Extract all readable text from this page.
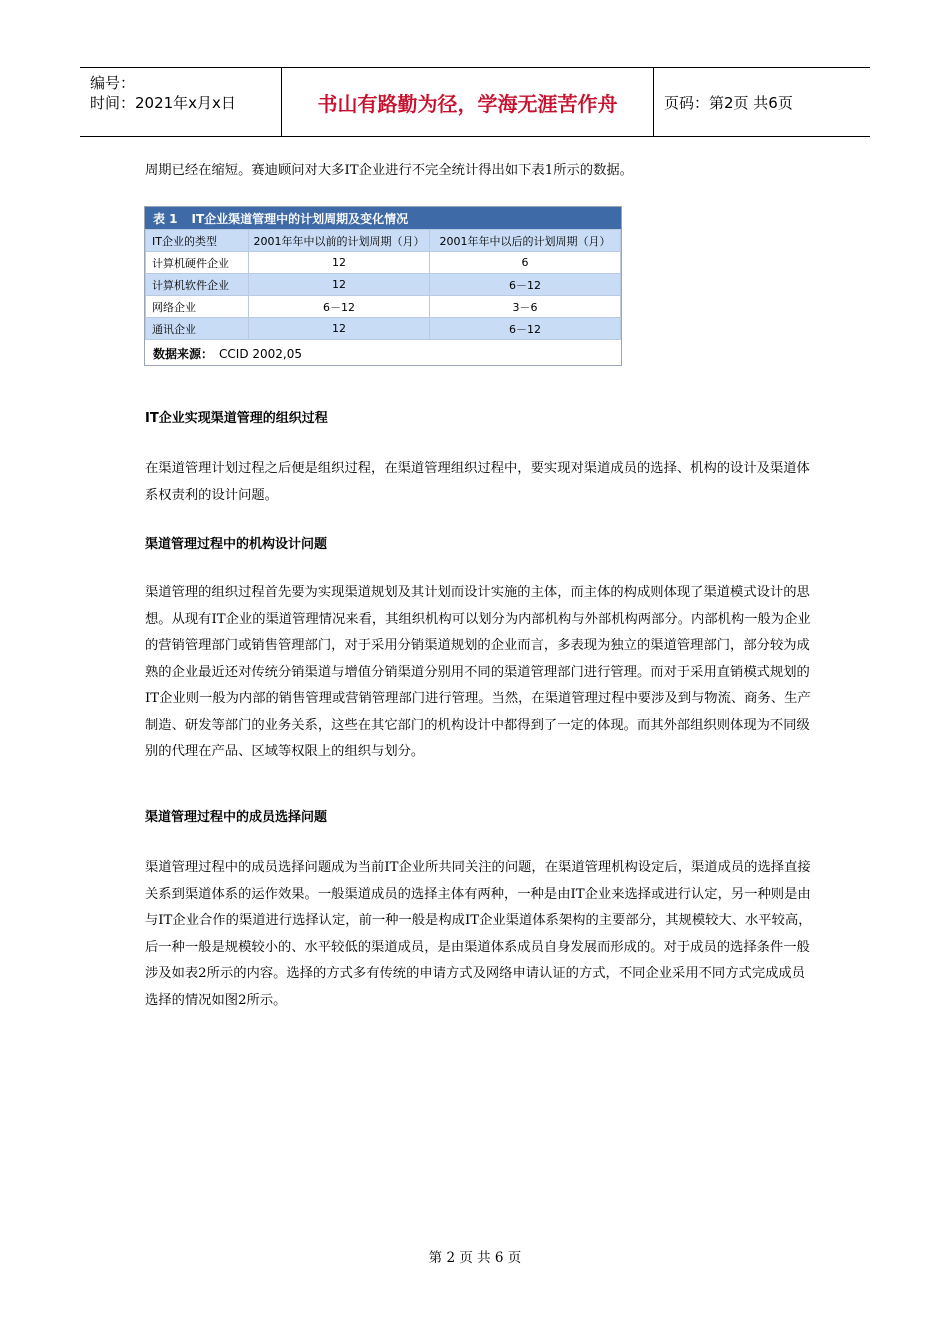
编号：
时间：2021年x月x日	书山有路勤为径，学海无涯苦作舟	页码：第2页 共6页

周期已经在缩短。赛迪顾问对大多IT企业进行不完全统计得出如下表1所示的数据。

表 1 IT企业渠道管理中的计划周期及变化情况
IT企业的类型	2001年年中以前的计划周期（月）	2001年年中以后的计划周期（月）
计算机硬件企业	12	6
计算机软件企业	12	6－12
网络企业	6－12	3－6
通讯企业	12	6－12
数据来源： CCID 2002,05

IT企业实现渠道管理的组织过程

在渠道管理计划过程之后便是组织过程，在渠道管理组织过程中，要实现对渠道成员的选择、机构的设计及渠道体系权责利的设计问题。

渠道管理过程中的机构设计问题

渠道管理的组织过程首先要为实现渠道规划及其计划而设计实施的主体，而主体的构成则体现了渠道模式设计的思想。从现有IT企业的渠道管理情况来看，其组织机构可以划分为内部机构与外部机构两部分。内部机构一般为企业的营销管理部门或销售管理部门，对于采用分销渠道规划的企业而言，多表现为独立的渠道管理部门，部分较为成熟的企业最近还对传统分销渠道与增值分销渠道分别用不同的渠道管理部门进行管理。而对于采用直销模式规划的IT企业则一般为内部的销售管理或营销管理部门进行管理。当然，在渠道管理过程中要涉及到与物流、商务、生产制造、研发等部门的业务关系，这些在其它部门的机构设计中都得到了一定的体现。而其外部组织则体现为不同级别的代理在产品、区域等权限上的组织与划分。

渠道管理过程中的成员选择问题

渠道管理过程中的成员选择问题成为当前IT企业所共同关注的问题，在渠道管理机构设定后，渠道成员的选择直接关系到渠道体系的运作效果。一般渠道成员的选择主体有两种，一种是由IT企业来选择或进行认定，另一种则是由与IT企业合作的渠道进行选择认定，前一种一般是构成IT企业渠道体系架构的主要部分，其规模较大、水平较高，后一种一般是规模较小的、水平较低的渠道成员，是由渠道体系成员自身发展而形成的。对于成员的选择条件一般涉及如表2所示的内容。选择的方式多有传统的申请方式及网络申请认证的方式，不同企业采用不同方式完成成员选择的情况如图2所示。

第 2 页 共 6 页
